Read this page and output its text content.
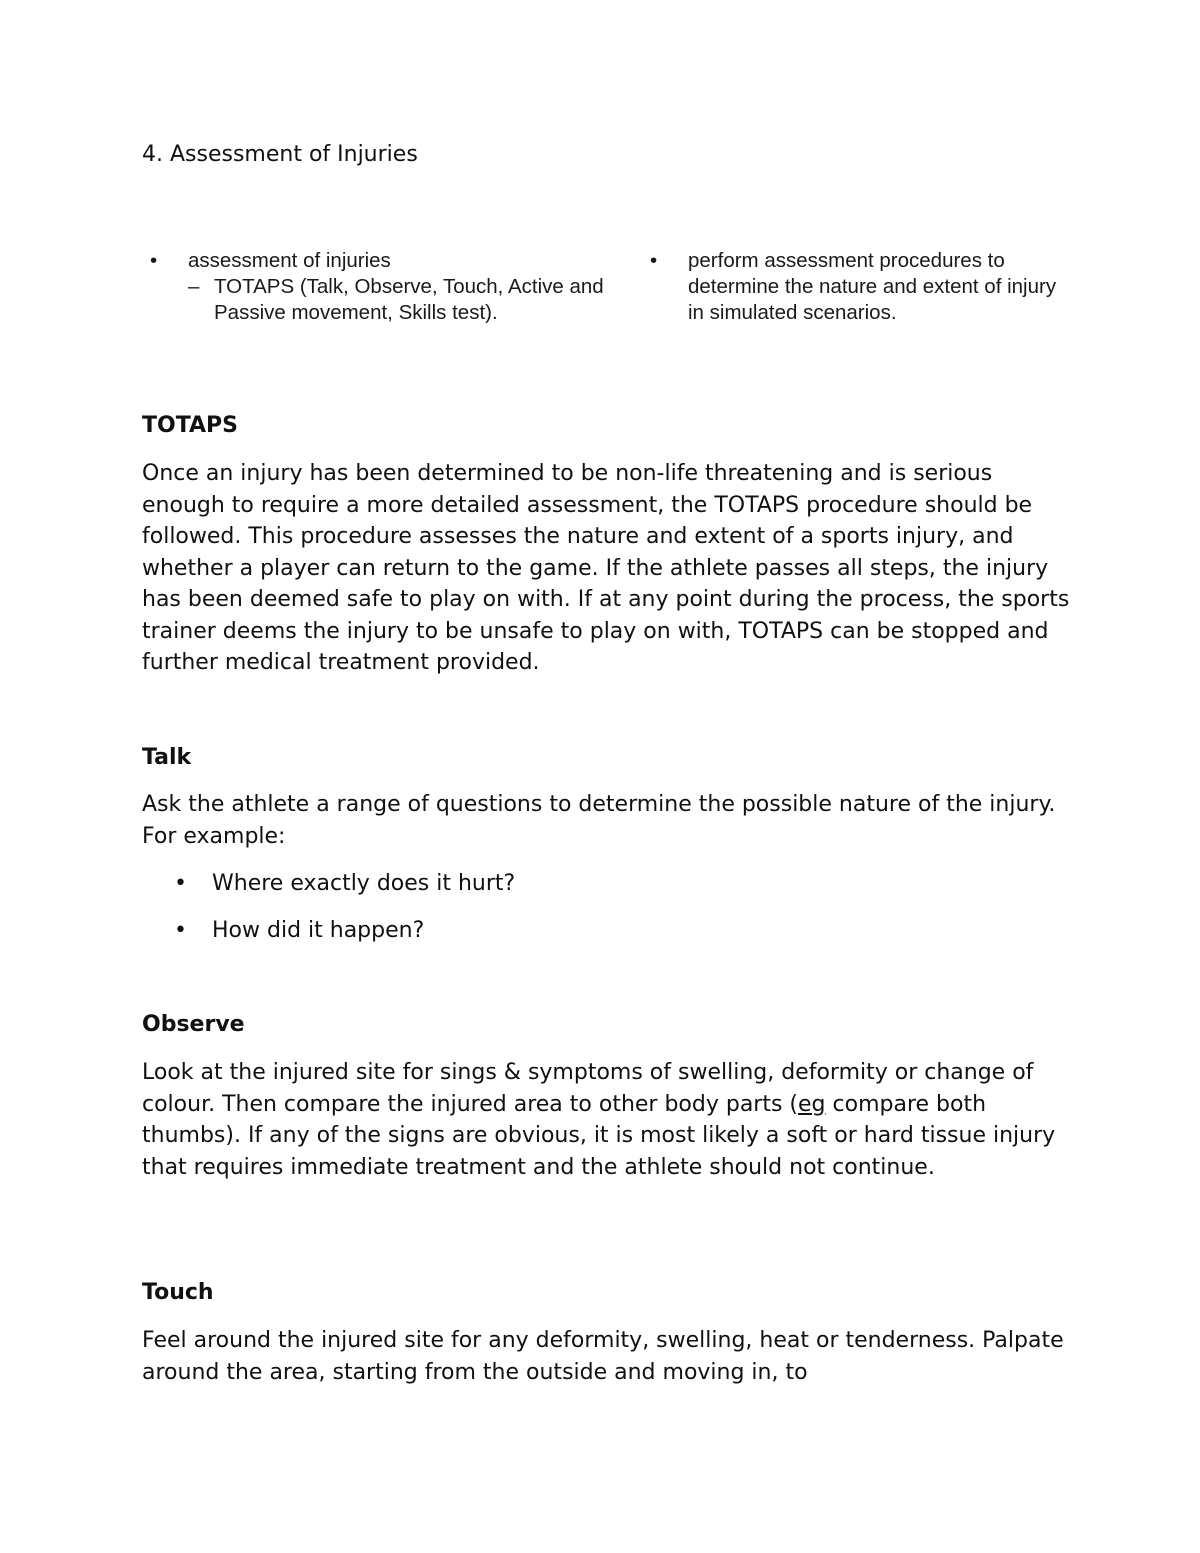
4. Assessment of Injuries
•	assessment of injuries
– TOTAPS (Talk, Observe, Touch, Active and Passive movement, Skills test).
•	perform assessment procedures to determine the nature and extent of injury in simulated scenarios.
TOTAPS

Once an injury has been determined to be non-life threatening and is serious enough to require a more detailed assessment, the TOTAPS procedure should be followed. This procedure assesses the nature and extent of a sports injury, and whether a player can return to the game. If the athlete passes all steps, the injury has been deemed safe to play on with. If at any point during the process, the sports trainer deems the injury to be unsafe to play on with, TOTAPS can be stopped and further medical treatment provided.

Talk

Ask the athlete a range of questions to determine the possible nature of the injury. For example:

• Where exactly does it hurt?
• How did it happen?
Observe

Look at the injured site for sings & symptoms of swelling, deformity or change of colour. Then compare the injured area to other body parts (eg compare both thumbs). If any of the signs are obvious, it is most likely a soft or hard tissue injury that requires immediate treatment and the athlete should not continue.

Touch

Feel around the injured site for any deformity, swelling, heat or tenderness. Palpate around the area, starting from the outside and moving in, to
